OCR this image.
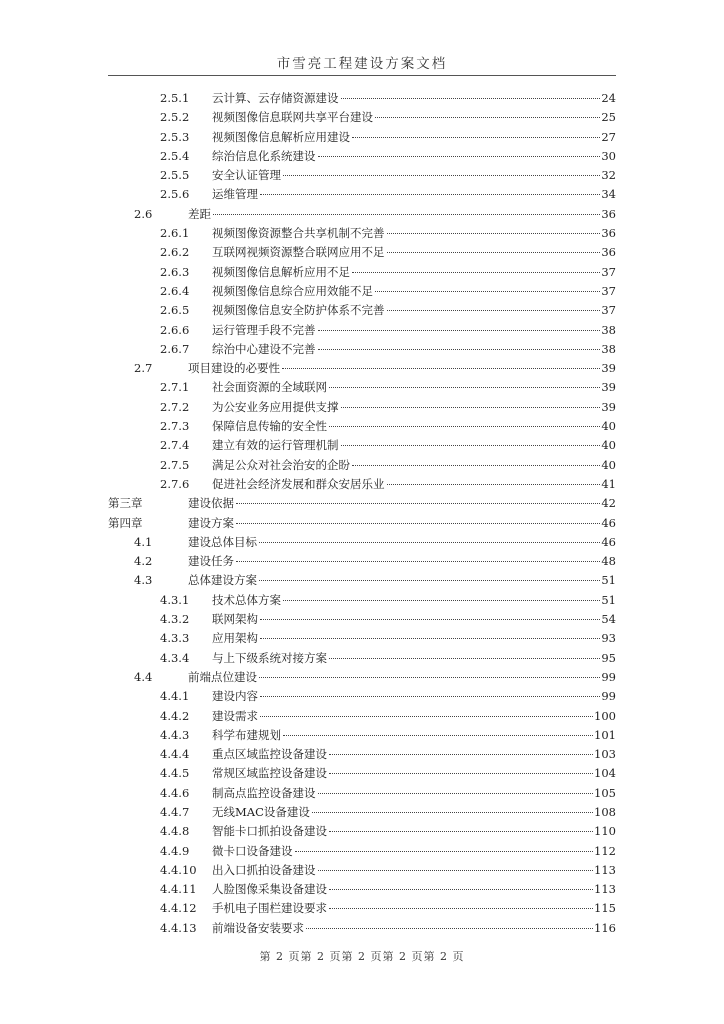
市雪亮工程建设方案文档
2.5.1 云计算、云存储资源建设	24
2.5.2 视频图像信息联网共享平台建设	25
2.5.3 视频图像信息解析应用建设	27
2.5.4 综治信息化系统建设	30
2.5.5 安全认证管理	32
2.5.6 运维管理	34
2.6	差距	36
2.6.1 视频图像资源整合共享机制不完善	36
2.6.2 互联网视频资源整合联网应用不足	36
2.6.3 视频图像信息解析应用不足	37
2.6.4 视频图像信息综合应用效能不足	37
2.6.5 视频图像信息安全防护体系不完善	37
2.6.6 运行管理手段不完善	38
2.6.7 综治中心建设不完善	38
2.7	项目建设的必要性	39
2.7.1 社会面资源的全域联网	39
2.7.2 为公安业务应用提供支撑	39
2.7.3 保障信息传输的安全性	40
2.7.4 建立有效的运行管理机制	40
2.7.5 满足公众对社会治安的企盼	40
2.7.6 促进社会经济发展和群众安居乐业	41
第三章	建设依据	42
第四章	建设方案	46
4.1	建设总体目标	46
4.2	建设任务	48
4.3	总体建设方案	51
4.3.1 技术总体方案	51
4.3.2 联网架构	54
4.3.3 应用架构	93
4.3.4 与上下级系统对接方案	95
4.4	前端点位建设	99
4.4.1 建设内容	99
4.4.2 建设需求	100
4.4.3 科学布建规划	101
4.4.4 重点区域监控设备建设	103
4.4.5 常规区域监控设备建设	104
4.4.6 制高点监控设备建设	105
4.4.7 无线MAC设备建设	108
4.4.8 智能卡口抓拍设备建设	110
4.4.9 微卡口设备建设	112
4.4.10 出入口抓拍设备建设	113
4.4.11 人脸图像采集设备建设	113
4.4.12 手机电子围栏建设要求	115
4.4.13 前端设备安装要求	116
第 2 页第 2 页第 2 页第 2 页第 2 页
